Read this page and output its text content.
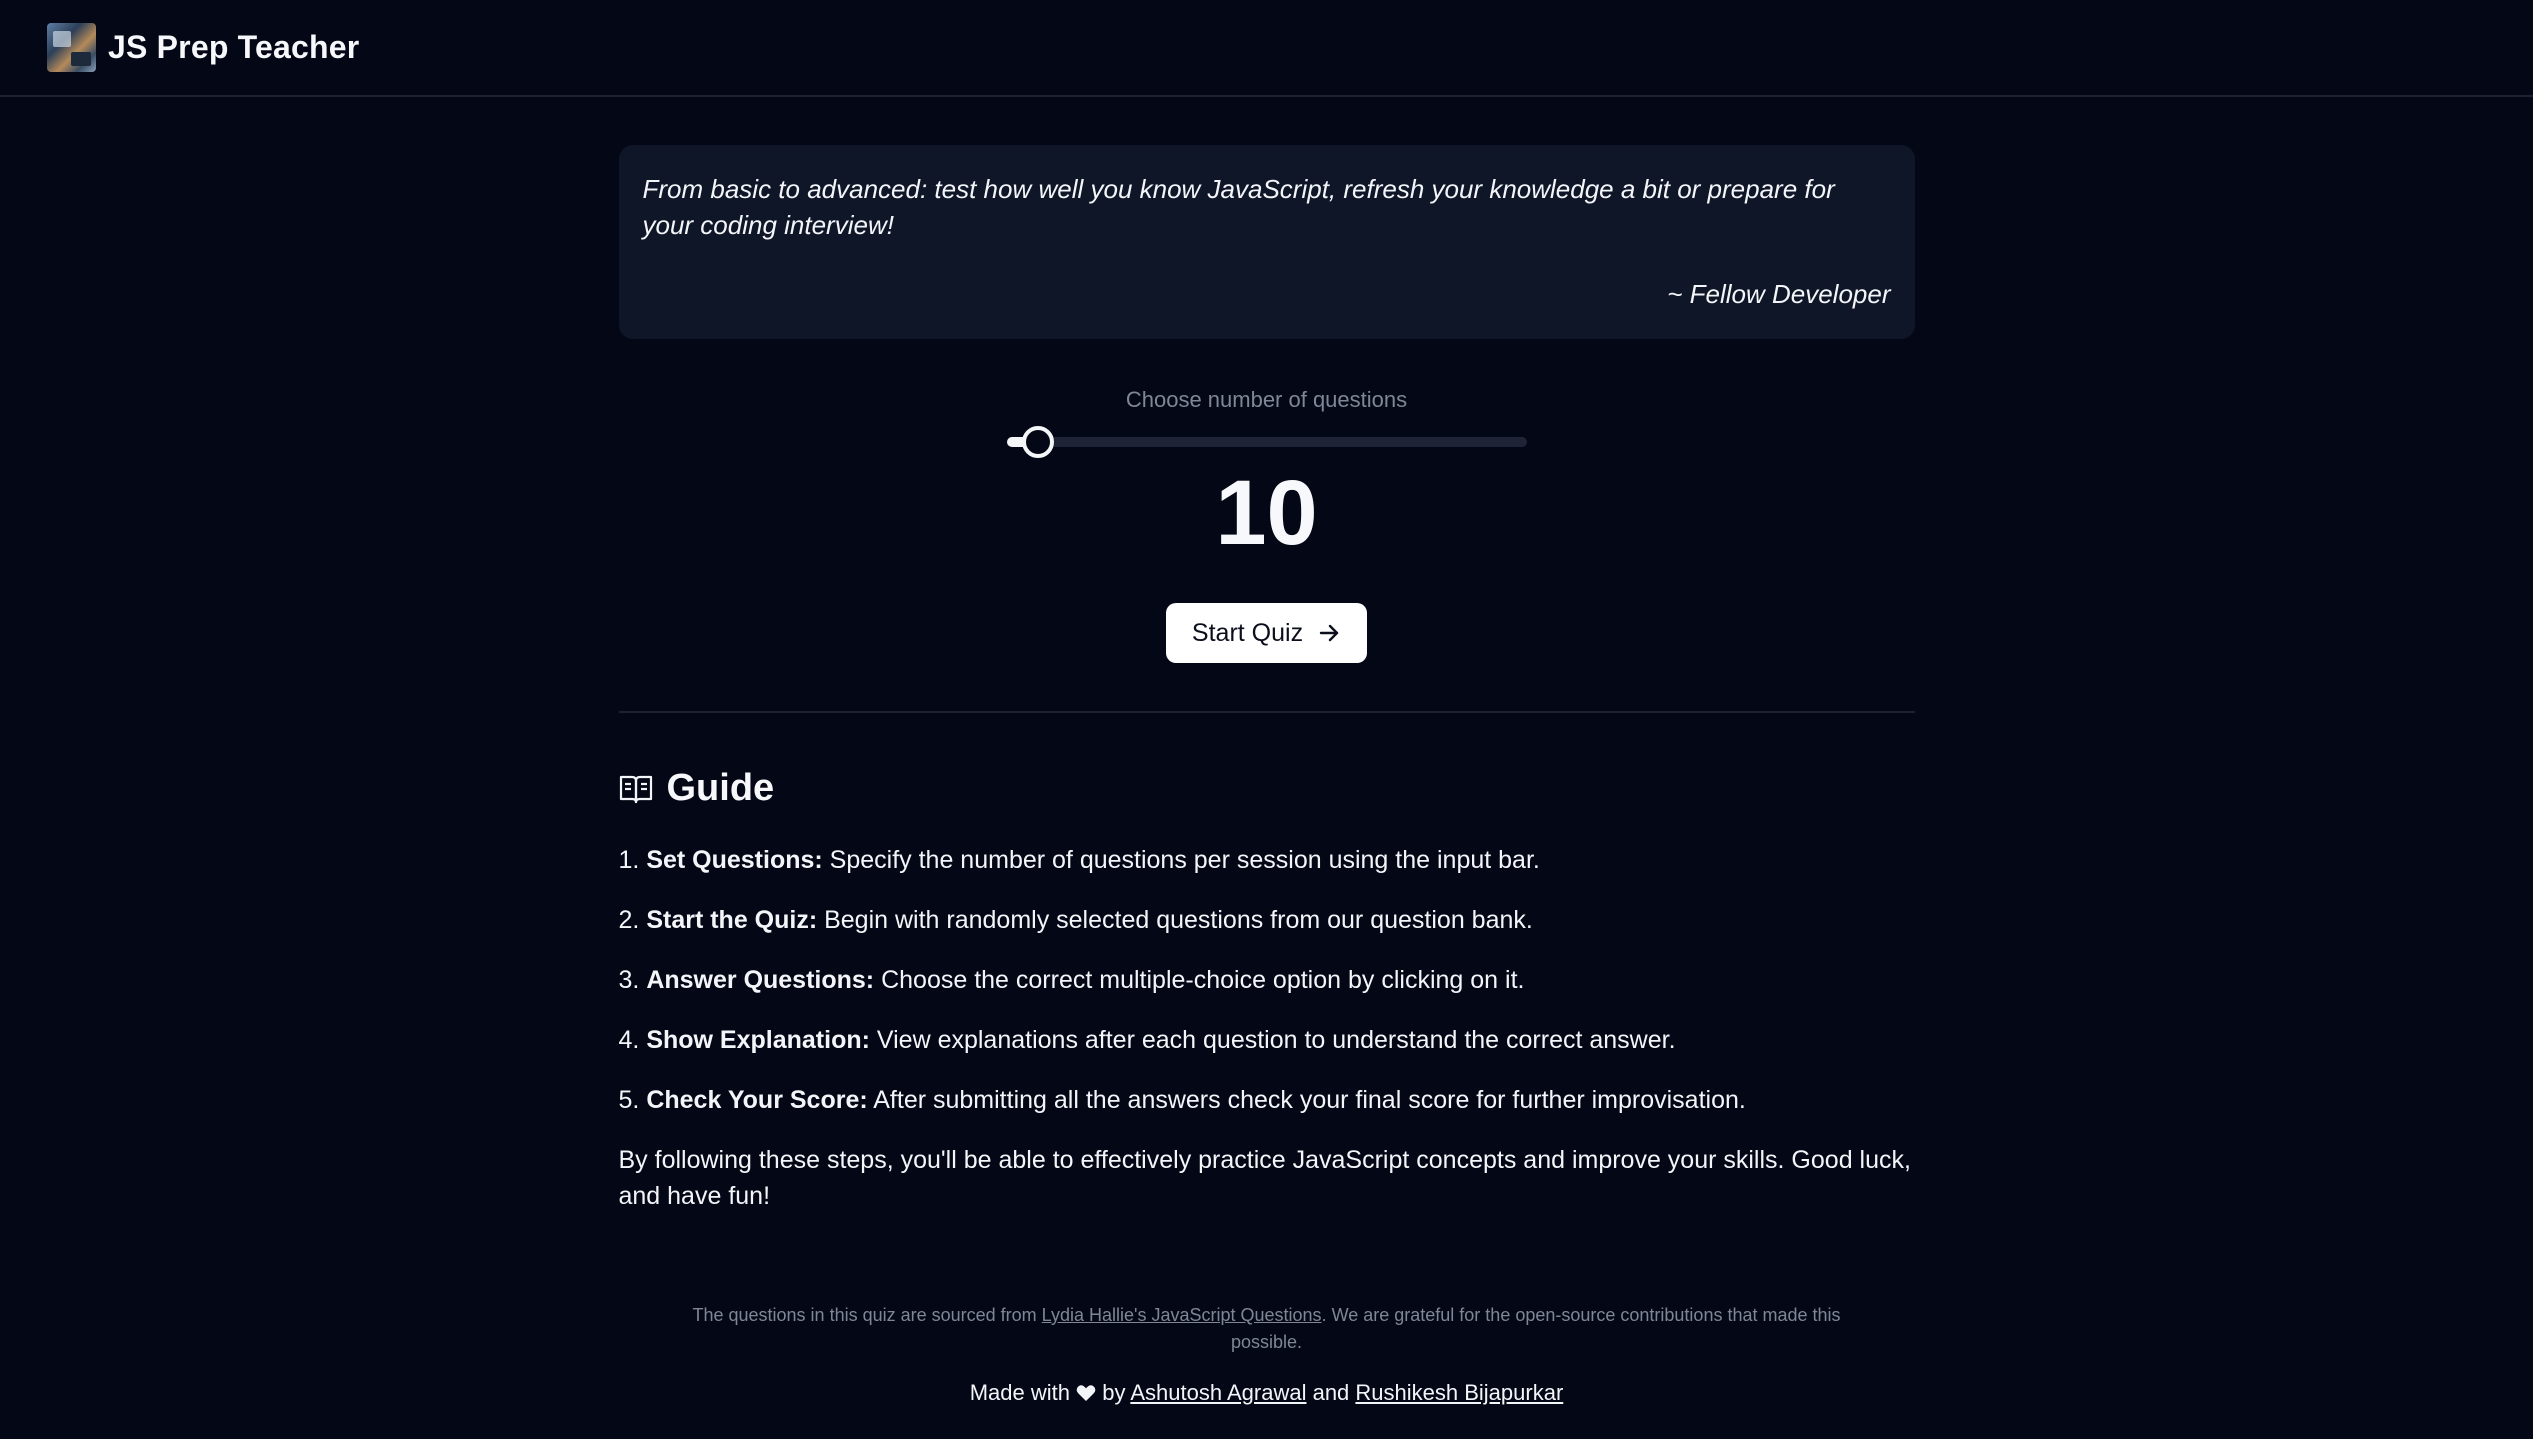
JS Prep Teacher

From basic to advanced: test how well you know JavaScript, refresh your knowledge a bit or prepare for your coding interview!

~ Fellow Developer

Choose number of questions
10
Start Quiz
Guide
1. Set Questions: Specify the number of questions per session using the input bar.
2. Start the Quiz: Begin with randomly selected questions from our question bank.
3. Answer Questions: Choose the correct multiple-choice option by clicking on it.
4. Show Explanation: View explanations after each question to understand the correct answer.
5. Check Your Score: After submitting all the answers check your final score for further improvisation.

By following these steps, you'll be able to effectively practice JavaScript concepts and improve your skills. Good luck, and have fun!

The questions in this quiz are sourced from Lydia Hallie's JavaScript Questions. We are grateful for the open-source contributions that made this possible.

Made with  by Ashutosh Agrawal and Rushikesh Bijapurkar
